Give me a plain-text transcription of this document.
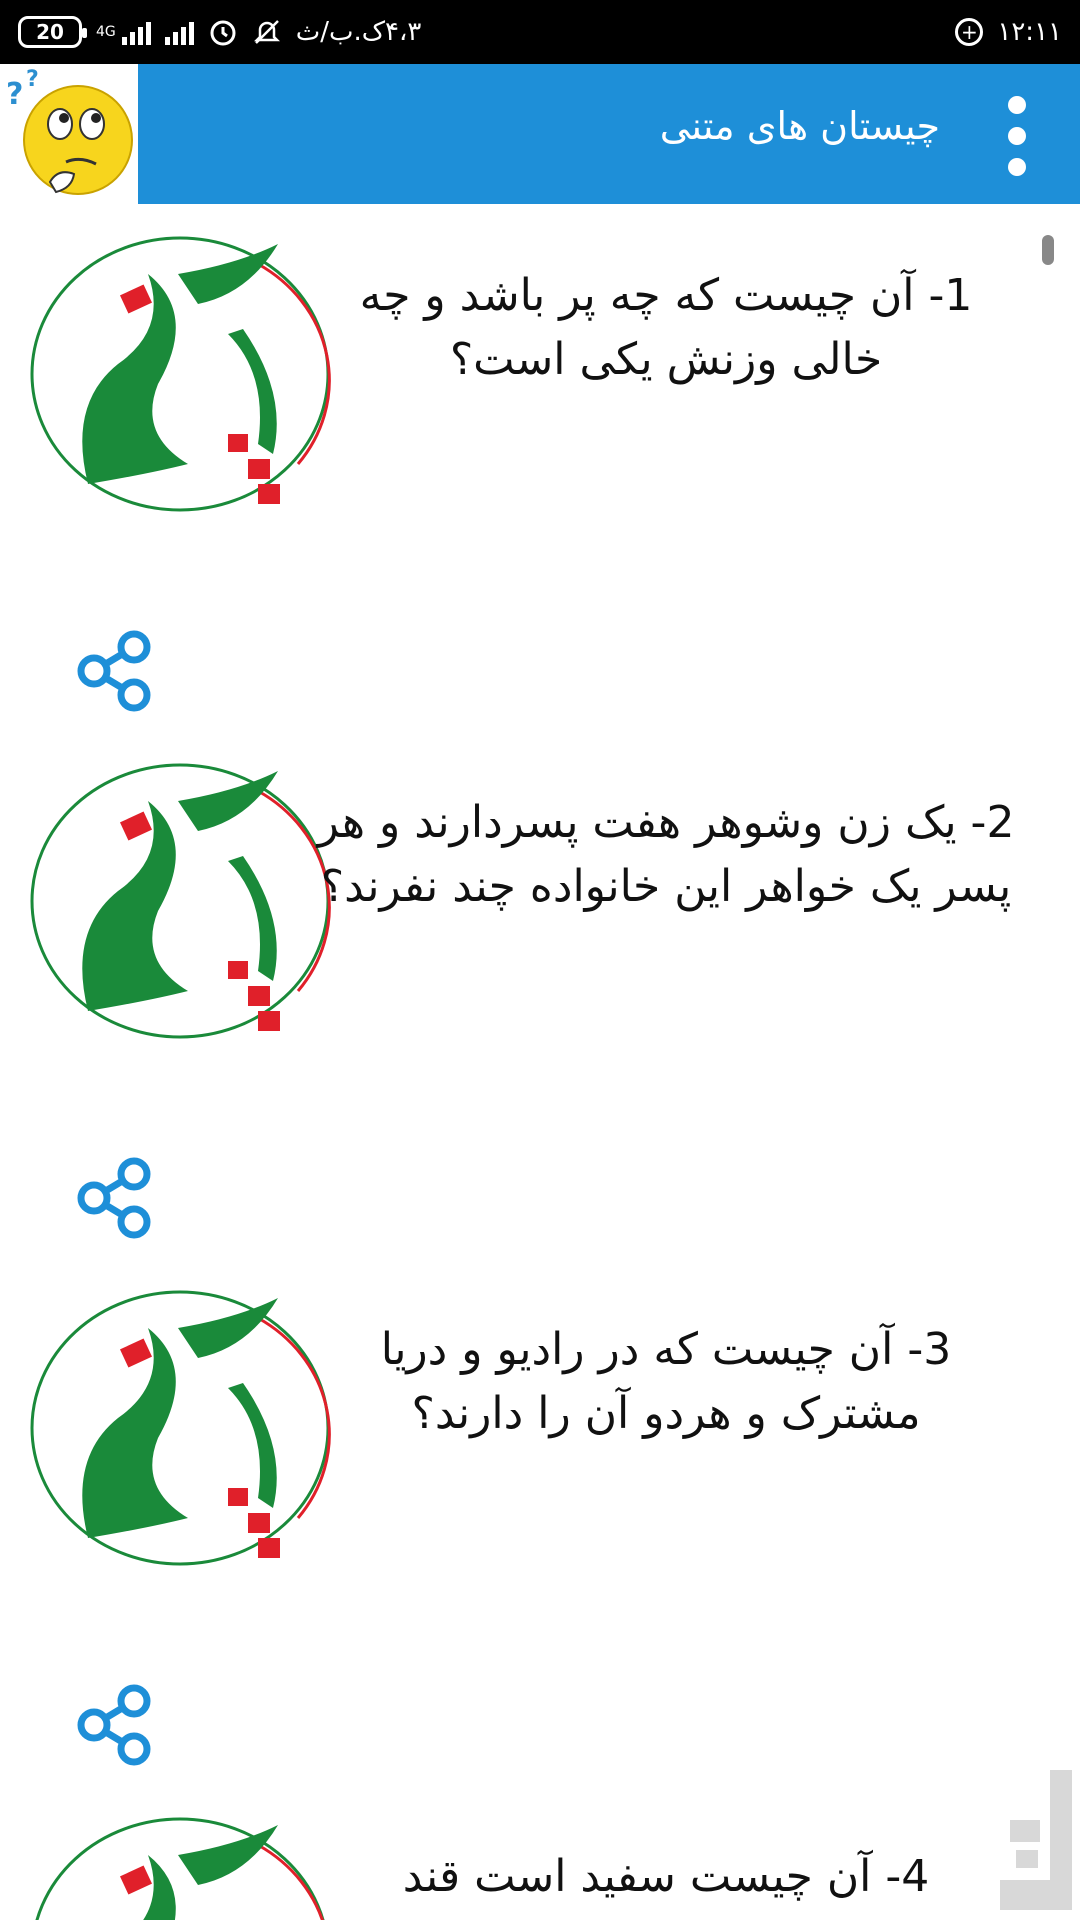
20 4G	۴،۳ک.ب/ث	+ ۱۲:۱۱
? ?
چیستان های متنی
1- آن چیست که چه پر باشد و چه خالی وزنش یکی است؟
2- یک زن وشوهر هفت پسردارند و هر پسر یک خواهر این خانواده چند نفرند؟
3- آن چیست که در رادیو و دریا مشترک و هردو آن را دارند؟
4- آن چیست سفید است قند
